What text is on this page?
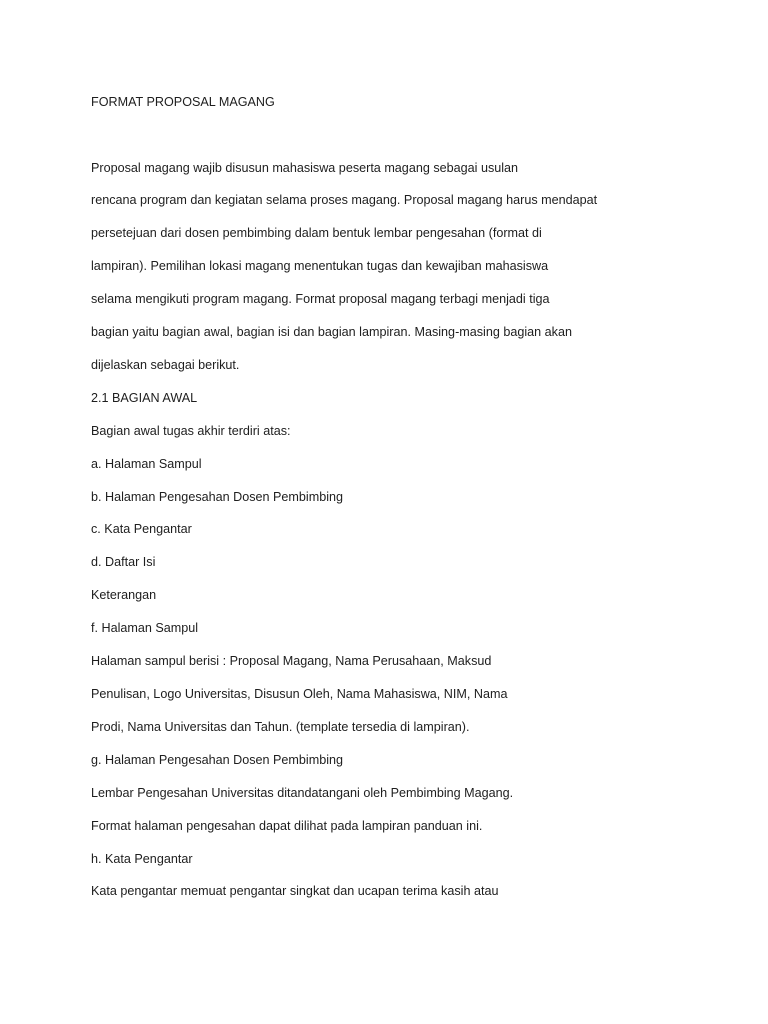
FORMAT PROPOSAL MAGANG
Proposal magang wajib disusun mahasiswa peserta magang sebagai usulan
rencana program dan kegiatan selama proses magang. Proposal magang harus mendapat
persetejuan dari dosen pembimbing dalam bentuk lembar pengesahan (format di
lampiran). Pemilihan lokasi magang menentukan tugas dan kewajiban mahasiswa
selama mengikuti program magang. Format proposal magang terbagi menjadi tiga
bagian yaitu bagian awal, bagian isi dan bagian lampiran. Masing-masing bagian akan
dijelaskan sebagai berikut.
2.1 BAGIAN AWAL
Bagian awal tugas akhir terdiri atas:
a. Halaman Sampul
b. Halaman Pengesahan Dosen Pembimbing
c. Kata Pengantar
d. Daftar Isi
Keterangan
f. Halaman Sampul
Halaman sampul berisi : Proposal Magang, Nama Perusahaan, Maksud
Penulisan, Logo Universitas, Disusun Oleh, Nama Mahasiswa, NIM, Nama
Prodi, Nama Universitas dan Tahun. (template tersedia di lampiran).
g. Halaman Pengesahan Dosen Pembimbing
Lembar Pengesahan Universitas ditandatangani oleh Pembimbing Magang.
Format halaman pengesahan dapat dilihat pada lampiran panduan ini.
h. Kata Pengantar
Kata pengantar memuat pengantar singkat dan ucapan terima kasih atau
